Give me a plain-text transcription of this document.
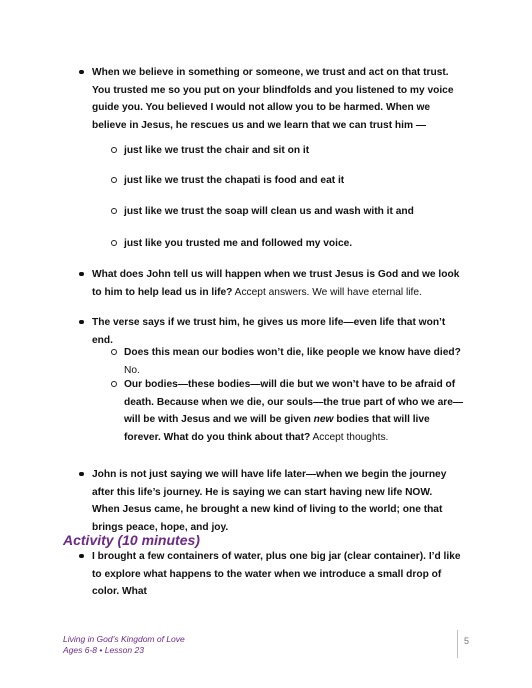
When we believe in something or someone, we trust and act on that trust. You trusted me so you put on your blindfolds and you listened to my voice guide you. You believed I would not allow you to be harmed. When we believe in Jesus, he rescues us and we learn that we can trust him —
just like we trust the chair and sit on it
just like we trust the chapati is food and eat it
just like we trust the soap will clean us and wash with it and
just like you trusted me and followed my voice.
What does John tell us will happen when we trust Jesus is God and we look to him to help lead us in life? Accept answers. We will have eternal life.
The verse says if we trust him, he gives us more life—even life that won’t end.
Does this mean our bodies won’t die, like people we know have died? No.
Our bodies—these bodies—will die but we won’t have to be afraid of death. Because when we die, our souls—the true part of who we are—will be with Jesus and we will be given new bodies that will live forever. What do you think about that? Accept thoughts.
John is not just saying we will have life later—when we begin the journey after this life’s journey. He is saying we can start having new life NOW. When Jesus came, he brought a new kind of living to the world; one that brings peace, hope, and joy.
Activity (10 minutes)
I brought a few containers of water, plus one big jar (clear container). I’d like to explore what happens to the water when we introduce a small drop of color. What
Living in God’s Kingdom of Love
Ages 6-8 • Lesson 23
5
